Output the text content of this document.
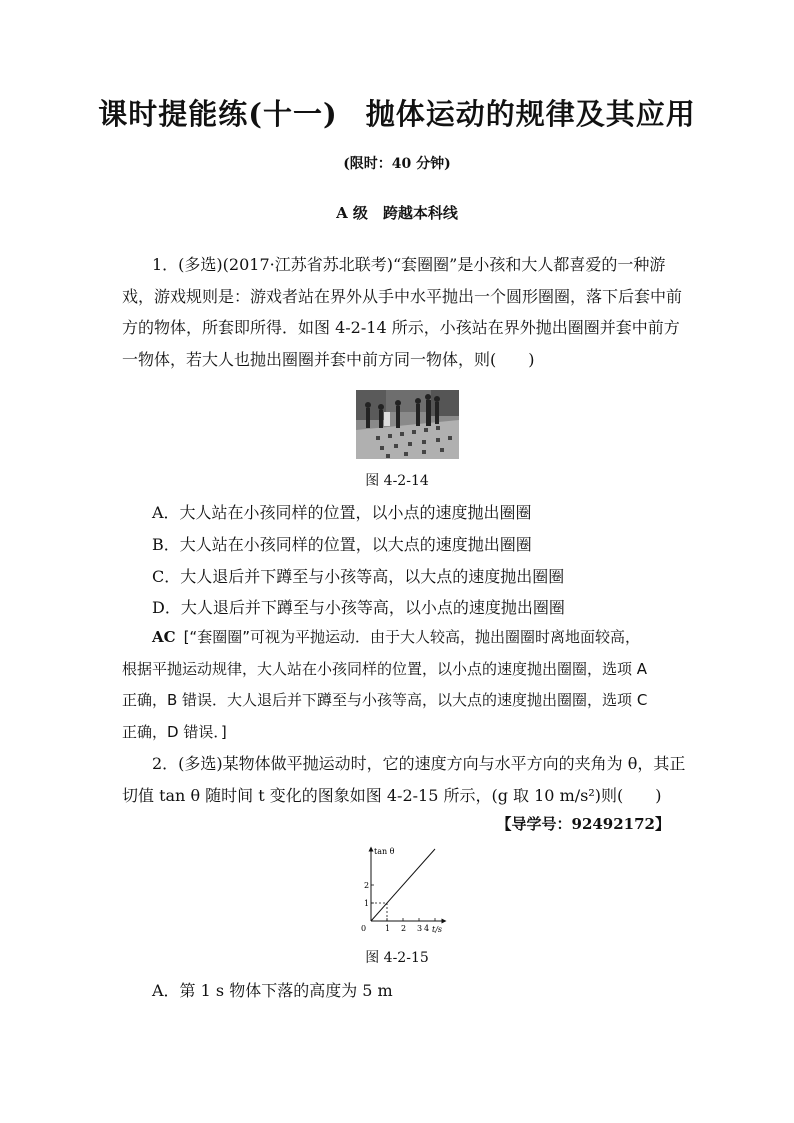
课时提能练(十一) 抛体运动的规律及其应用
(限时：40 分钟)
A 级　跨越本科线
1．(多选)(2017·江苏省苏北联考)“套圈圈”是小孩和大人都喜爱的一种游
戏，游戏规则是：游戏者站在界外从手中水平抛出一个圆形圈圈，落下后套中前
方的物体，所套即所得．如图 4-2-14 所示，小孩站在界外抛出圈圈并套中前方
一物体，若大人也抛出圈圈并套中前方同一物体，则(　　)
图 4-2-14
A．大人站在小孩同样的位置，以小点的速度抛出圈圈
B．大人站在小孩同样的位置，以大点的速度抛出圈圈
C．大人退后并下蹲至与小孩等高，以大点的速度抛出圈圈
D．大人退后并下蹲至与小孩等高，以小点的速度抛出圈圈
AC [“套圈圈”可视为平抛运动．由于大人较高，抛出圈圈时离地面较高，
根据平抛运动规律，大人站在小孩同样的位置，以小点的速度抛出圈圈，选项 A
正确，B 错误．大人退后并下蹲至与小孩等高，以大点的速度抛出圈圈，选项 C
正确，D 错误．]
2．(多选)某物体做平抛运动时，它的速度方向与水平方向的夹角为 θ，其正
切值 tan θ 随时间 t 变化的图象如图 4-2-15 所示，(g 取 10 m/s²)则(　　)
【导学号：92492172】
tan θ
t/s
0
1
2
1 2 3 4
图 4-2-15
A．第 1 s 物体下落的高度为 5 m
